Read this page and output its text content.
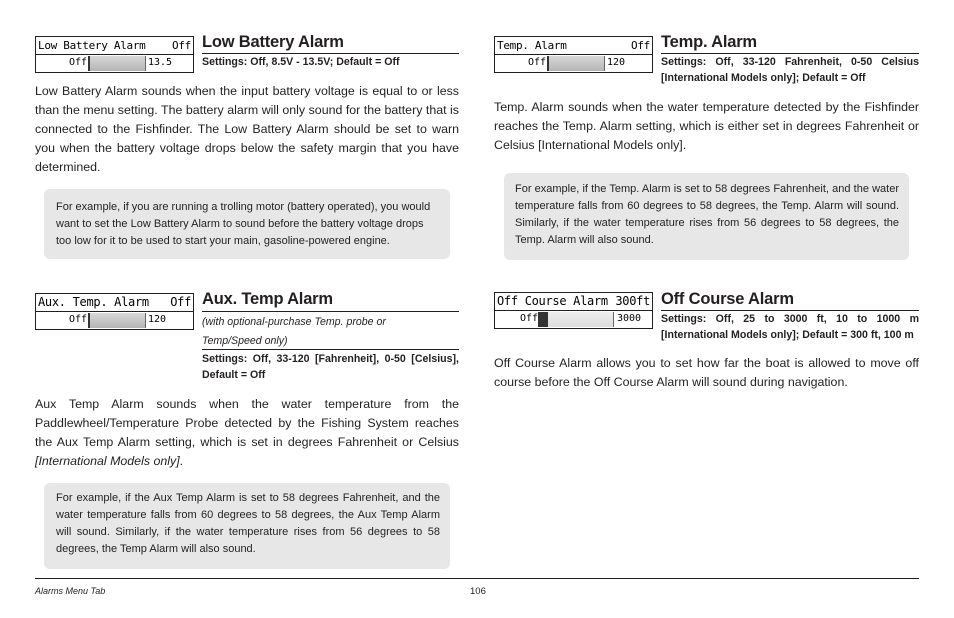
Low Battery Alarm Off
Off	13.5
Low Battery Alarm
Settings: Off, 8.5V - 13.5V; Default = Off
Low Battery Alarm sounds when the input battery voltage is equal to or less than the menu setting. The battery alarm will only sound for the battery that is connected to the Fishfinder. The Low Battery Alarm should be set to warn you when the battery voltage drops below the safety margin that you have determined.
For example, if you are running a trolling motor (battery operated), you would want to set the Low Battery Alarm to sound before the battery voltage drops too low for it to be used to start your main, gasoline-powered engine.
Aux. Temp. Alarm Off
Off	120
Aux. Temp Alarm
(with optional-purchase Temp. probe or
Temp/Speed only)
Settings: Off, 33-120 [Fahrenheit], 0-50 [Celsius],
Default = Off
Aux Temp Alarm sounds when the water temperature from the Paddlewheel/Temperature Probe detected by the Fishing System reaches the Aux Temp Alarm setting, which is set in degrees Fahrenheit or Celsius [International Models only].
For example, if the Aux Temp Alarm is set to 58 degrees Fahrenheit, and the water temperature falls from 60 degrees to 58 degrees, the Aux Temp Alarm will sound. Similarly, if the water temperature rises from 56 degrees to 58 degrees, the Temp Alarm will also sound.
Temp. Alarm	Off
Off	120
Temp. Alarm
Settings: Off, 33-120 Fahrenheit, 0-50 Celsius
[International Models only]; Default = Off
Temp. Alarm sounds when the water temperature detected by the Fishfinder reaches the Temp. Alarm setting, which is either set in degrees Fahrenheit or Celsius [International Models only].
For example, if the Temp. Alarm is set to 58 degrees Fahrenheit, and the water temperature falls from 60 degrees to 58 degrees, the Temp. Alarm will sound. Similarly, if the water temperature rises from 56 degrees to 58 degrees, the Temp. Alarm will also sound.
Off Course Alarm 300ft
Off	3000
Off Course Alarm
Settings: Off, 25 to 3000 ft, 10 to 1000 m
[International Models only]; Default = 300 ft, 100 m
Off Course Alarm allows you to set how far the boat is allowed to move off course before the Off Course Alarm will sound during navigation.
Alarms Menu Tab	106
